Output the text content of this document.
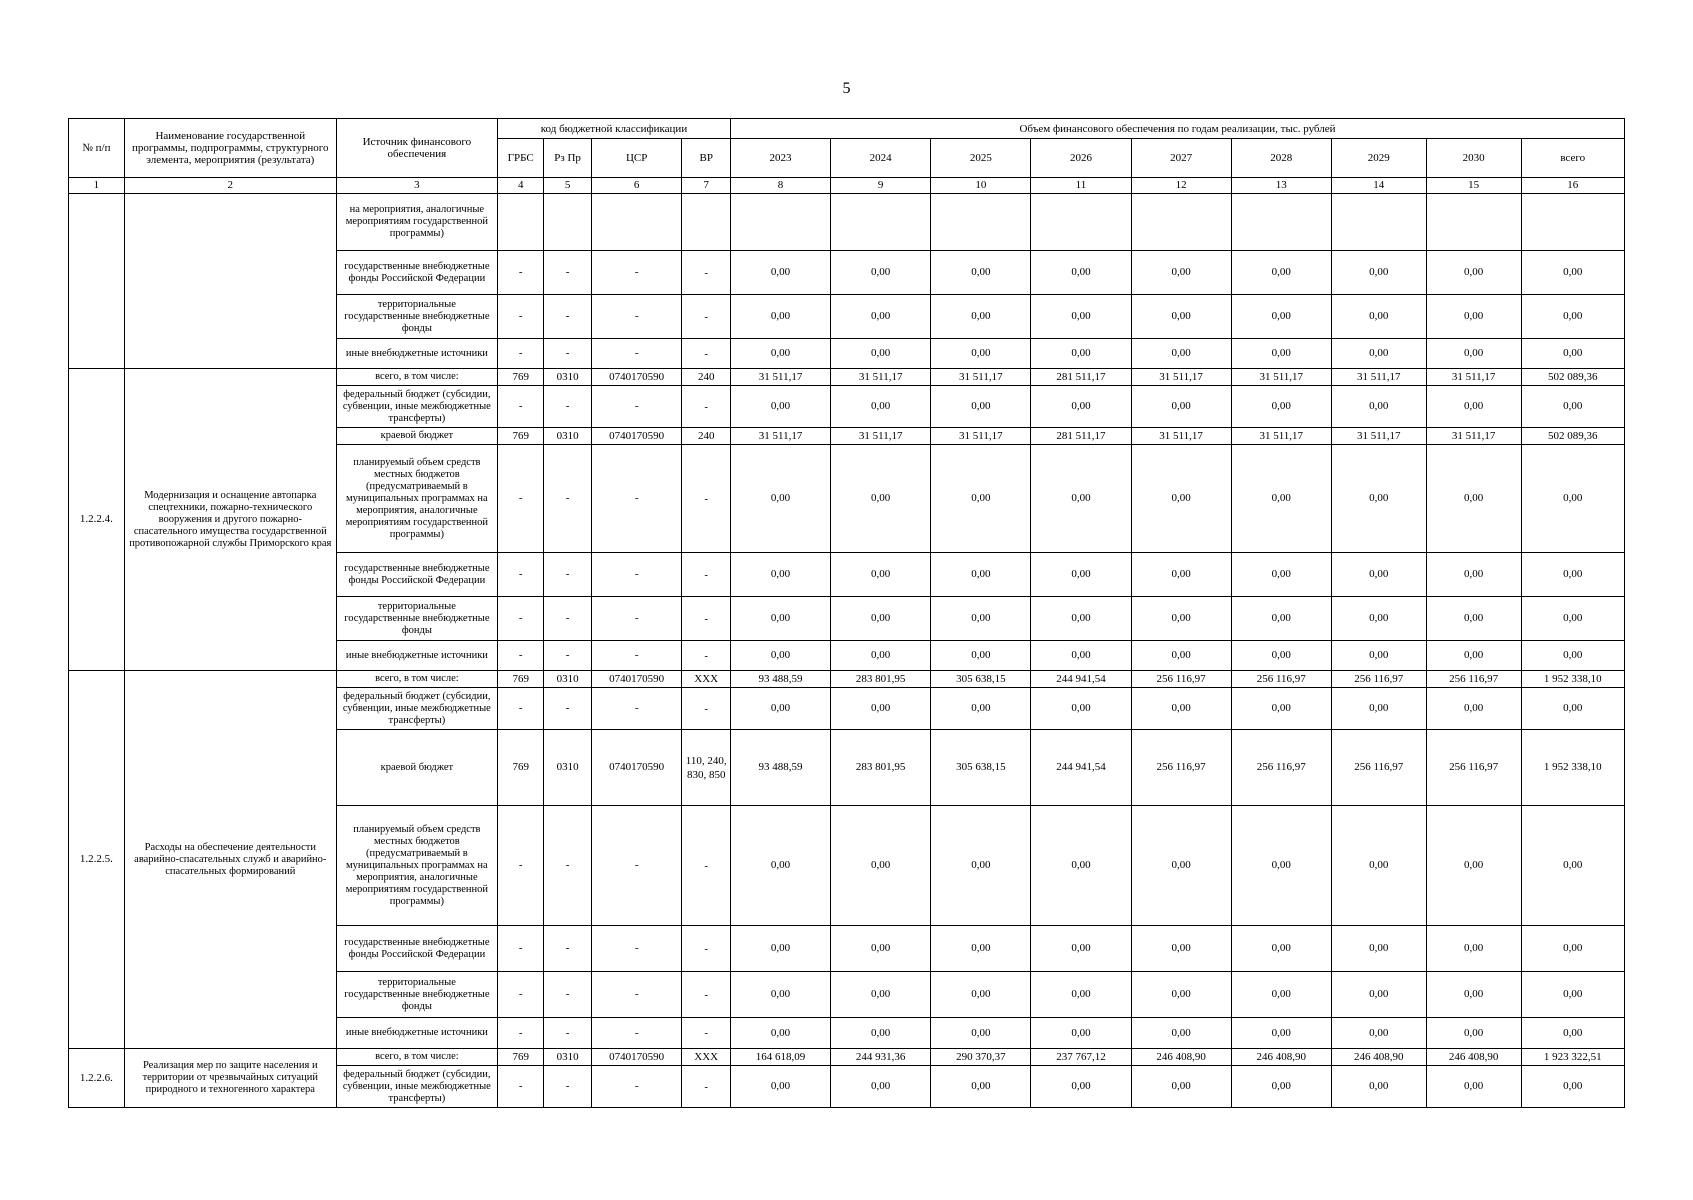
5
№ п/п	Наименование государственной программы, подпрограммы, структурного элемента, мероприятия (результата)	Источник финансового обеспечения	код бюджетной классификации				Объем финансового обеспечения по годам реализации, тыс. рублей								
			ГРБС	Рз Пр	ЦСР	ВР	2023	2024	2025	2026	2027	2028	2029	2030	всего
1	2	3	4	5	6	7	8	9	10	11	12	13	14	15	16
		на мероприятия, аналогичные мероприятиям государственной программы)													
		государственные внебюджетные фонды Российской Федерации	-	-	-	-	0,00	0,00	0,00	0,00	0,00	0,00	0,00	0,00	0,00
		территориальные государственные внебюджетные фонды	-	-	-	-	0,00	0,00	0,00	0,00	0,00	0,00	0,00	0,00	0,00
		иные внебюджетные источники	-	-	-	-	0,00	0,00	0,00	0,00	0,00	0,00	0,00	0,00	0,00
1.2.2.4.	Модернизация и оснащение автопарка спецтехники, пожарно-технического вооружения и другого пожарно-спасательного имущества государственной противопожарной службы Приморского края	всего, в том числе:	769	0310	0740170590	240	31 511,17	31 511,17	31 511,17	281 511,17	31 511,17	31 511,17	31 511,17	31 511,17	502 089,36
		федеральный бюджет (субсидии, субвенции, иные межбюджетные трансферты)	-	-	-	-	0,00	0,00	0,00	0,00	0,00	0,00	0,00	0,00	0,00
		краевой бюджет	769	0310	0740170590	240	31 511,17	31 511,17	31 511,17	281 511,17	31 511,17	31 511,17	31 511,17	31 511,17	502 089,36
		планируемый объем средств местных бюджетов (предусматриваемый в муниципальных программах на мероприятия, аналогичные мероприятиям государственной программы)	-	-	-	-	0,00	0,00	0,00	0,00	0,00	0,00	0,00	0,00	0,00
		государственные внебюджетные фонды Российской Федерации	-	-	-	-	0,00	0,00	0,00	0,00	0,00	0,00	0,00	0,00	0,00
		территориальные государственные внебюджетные фонды	-	-	-	-	0,00	0,00	0,00	0,00	0,00	0,00	0,00	0,00	0,00
		иные внебюджетные источники	-	-	-	-	0,00	0,00	0,00	0,00	0,00	0,00	0,00	0,00	0,00
1.2.2.5.	Расходы на обеспечение деятельности аварийно-спасательных служб и аварийно-спасательных формирований	всего, в том числе:	769	0310	0740170590	XXX	93 488,59	283 801,95	305 638,15	244 941,54	256 116,97	256 116,97	256 116,97	256 116,97	1 952 338,10
		федеральный бюджет (субсидии, субвенции, иные межбюджетные трансферты)	-	-	-	-	0,00	0,00	0,00	0,00	0,00	0,00	0,00	0,00	0,00
		краевой бюджет	769	0310	0740170590	110, 240, 830, 850	93 488,59	283 801,95	305 638,15	244 941,54	256 116,97	256 116,97	256 116,97	256 116,97	1 952 338,10
		планируемый объем средств местных бюджетов (предусматриваемый в муниципальных программах на мероприятия, аналогичные мероприятиям государственной программы)	-	-	-	-	0,00	0,00	0,00	0,00	0,00	0,00	0,00	0,00	0,00
		государственные внебюджетные фонды Российской Федерации	-	-	-	-	0,00	0,00	0,00	0,00	0,00	0,00	0,00	0,00	0,00
		территориальные государственные внебюджетные фонды	-	-	-	-	0,00	0,00	0,00	0,00	0,00	0,00	0,00	0,00	0,00
		иные внебюджетные источники	-	-	-	-	0,00	0,00	0,00	0,00	0,00	0,00	0,00	0,00	0,00
1.2.2.6.	Реализация мер по защите населения и территории от чрезвычайных ситуаций природного и техногенного характера	всего, в том числе:	769	0310	0740170590	XXX	164 618,09	244 931,36	290 370,37	237 767,12	246 408,90	246 408,90	246 408,90	246 408,90	1 923 322,51
		федеральный бюджет (субсидии, субвенции, иные межбюджетные трансферты)	-	-	-	-	0,00	0,00	0,00	0,00	0,00	0,00	0,00	0,00	0,00
